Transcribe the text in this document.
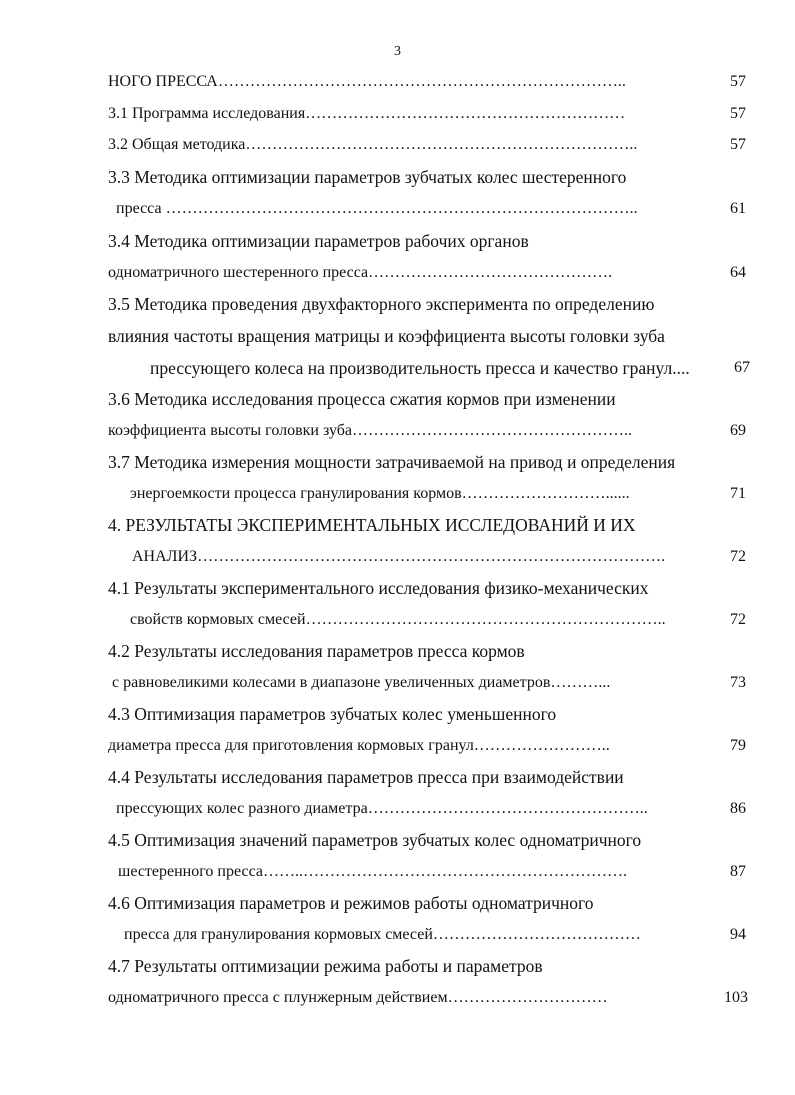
3
НОГО ПРЕССА…………………………………………………………………..	57
3.1 Программа исследования……………………………………………………	57
3.2 Общая методика………………………………………………………………..	57
3.3 Методика оптимизации параметров зубчатых колес шестеренного
пресса ……………………………………………………………………………..	61
3.4 Методика оптимизации параметров рабочих органов
одноматричного шестеренного пресса……………………………………….	64
3.5 Методика проведения двухфакторного эксперимента по определению
влияния частоты вращения матрицы и коэффициента высоты головки зуба
прессующего колеса на производительность пресса и качество гранул....	67
3.6 Методика исследования процесса сжатия кормов при изменении
коэффициента высоты головки зуба……………………………………………..	69
3.7 Методика измерения мощности затрачиваемой на привод и определения
энергоемкости процесса гранулирования кормов………………………......	71
4. РЕЗУЛЬТАТЫ ЭКСПЕРИМЕНТАЛЬНЫХ ИССЛЕДОВАНИЙ И ИХ
АНАЛИЗ…………………………………………………………………………….	72
4.1 Результаты экспериментального исследования физико-механических
свойств кормовых смесей…………………………………………………………..	72
4.2 Результаты исследования параметров пресса кормов
с равновеликими колесами в диапазоне увеличенных диаметров………...	73
4.3 Оптимизация параметров зубчатых колес уменьшенного
диаметра пресса для приготовления кормовых гранул……………………..	79
4.4 Результаты исследования параметров пресса при взаимодействии
прессующих колес разного диаметра……………………………………………..	86
4.5 Оптимизация значений параметров зубчатых колес одноматричного
шестеренного пресса……..…………………………………………………….	87
4.6 Оптимизация параметров и режимов работы одноматричного
пресса для гранулирования кормовых смесей…………………………………	94
4.7 Результаты оптимизации режима работы и параметров
одноматричного пресса с плунжерным действием…………………………	103
